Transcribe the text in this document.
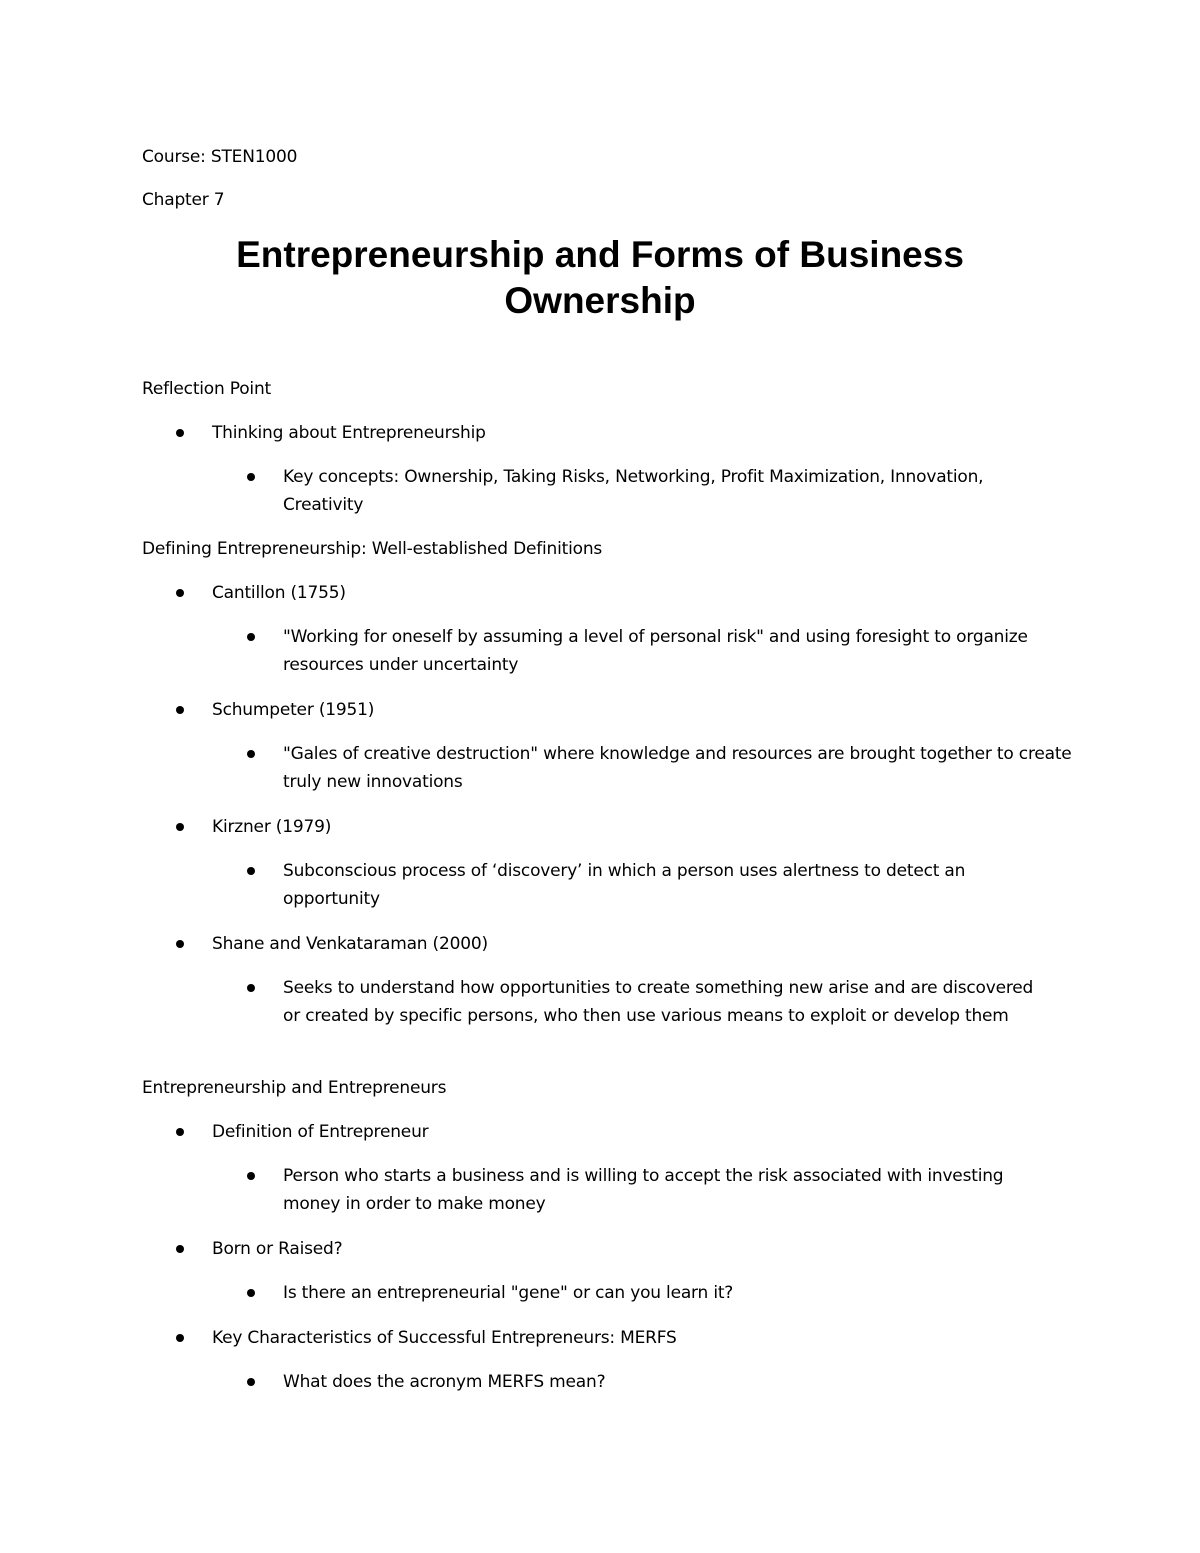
Course: STEN1000
Chapter 7
Entrepreneurship and Forms of Business
Ownership
Reflection Point
Thinking about Entrepreneurship
Key concepts: Ownership, Taking Risks, Networking, Profit Maximization, Innovation, Creativity
Defining Entrepreneurship: Well-established Definitions
Cantillon (1755)
"Working for oneself by assuming a level of personal risk" and using foresight to organize resources under uncertainty
Schumpeter (1951)
"Gales of creative destruction" where knowledge and resources are brought together to create truly new innovations
Kirzner (1979)
Subconscious process of ‘discovery’ in which a person uses alertness to detect an opportunity
Shane and Venkataraman (2000)
Seeks to understand how opportunities to create something new arise and are discovered or created by specific persons, who then use various means to exploit or develop them
Entrepreneurship and Entrepreneurs
Definition of Entrepreneur
Person who starts a business and is willing to accept the risk associated with investing money in order to make money
Born or Raised?
Is there an entrepreneurial "gene" or can you learn it?
Key Characteristics of Successful Entrepreneurs: MERFS
What does the acronym MERFS mean?
